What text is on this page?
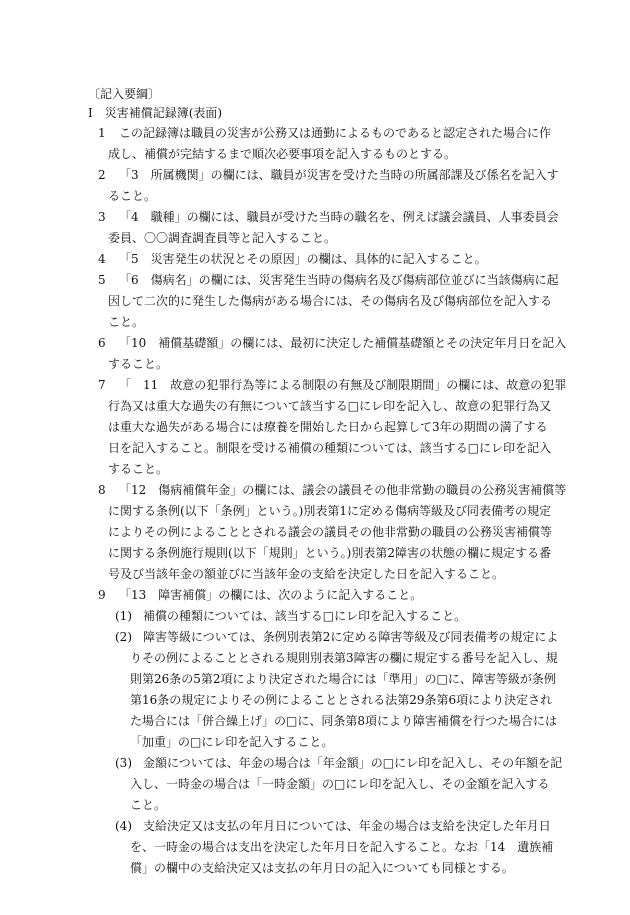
〔記入要綱〕
Ⅰ　災害補償記録簿(表面)
1 この記録簿は職員の災害が公務又は通勤によるものであると認定された場合に作
成し、補償が完結するまで順次必要事項を記入するものとする。
2 「3　所属機関」の欄には、職員が災害を受けた当時の所属部課及び係名を記入す
ること。
3 「4　職種」の欄には、職員が受けた当時の職名を、例えば議会議員、人事委員会
委員、〇〇調査調査員等と記入すること。
4 「5　災害発生の状況とその原因」の欄は、具体的に記入すること。
5 「6　傷病名」の欄には、災害発生当時の傷病名及び傷病部位並びに当該傷病に起
因して二次的に発生した傷病がある場合には、その傷病名及び傷病部位を記入する
こと。
6 「10　補償基礎額」の欄には、最初に決定した補償基礎額とその決定年月日を記入
すること。
7 「　11　故意の犯罪行為等による制限の有無及び制限期間」の欄には、故意の犯罪
行為又は重大な過失の有無について該当する□にレ印を記入し、故意の犯罪行為又
は重大な過失がある場合には療養を開始した日から起算して3年の期間の満了する
日を記入すること。制限を受ける補償の種類については、該当する□にレ印を記入
すること。
8 「12　傷病補償年金」の欄には、議会の議員その他非常勤の職員の公務災害補償等
に関する条例(以下「条例」という。)別表第1に定める傷病等級及び同表備考の規定
によりその例によることとされる議会の議員その他非常勤の職員の公務災害補償等
に関する条例施行規則(以下「規則」という。)別表第2障害の状態の欄に規定する番
号及び当該年金の額並びに当該年金の支給を決定した日を記入すること。
9 「13　障害補償」の欄には、次のように記入すること。
(1) 補償の種類については、該当する□にレ印を記入すること。
(2) 障害等級については、条例別表第2に定める障害等級及び同表備考の規定によ
りその例によることとされる規則別表第3障害の欄に規定する番号を記入し、規
則第26条の5第2項により決定された場合には「準用」の□に、障害等級が条例
第16条の規定によりその例によることとされる法第29条第6項により決定され
た場合には「併合繰上げ」の□に、同条第8項により障害補償を行つた場合には
「加重」の□にレ印を記入すること。
(3) 金額については、年金の場合は「年金額」の□にレ印を記入し、その年額を記
入し、一時金の場合は「一時金額」の□にレ印を記入し、その金額を記入する
こと。
(4) 支給決定又は支払の年月日については、年金の場合は支給を決定した年月日
を、一時金の場合は支出を決定した年月日を記入すること。なお「14　遺族補
償」の欄中の支給決定又は支払の年月日の記入についても同様とする。
